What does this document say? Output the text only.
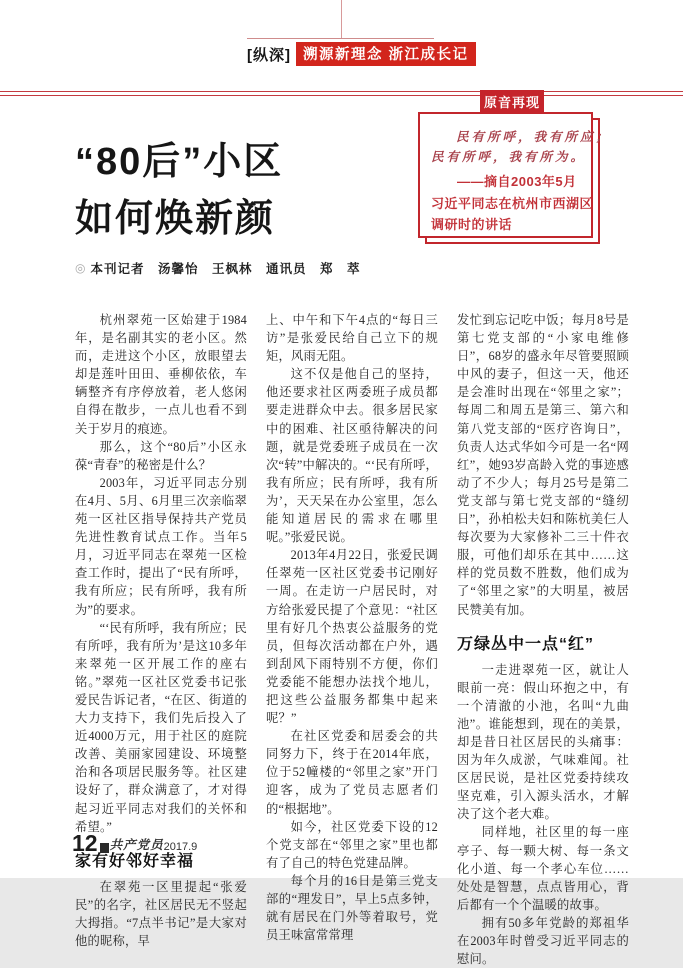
[纵深] 溯源新理念 浙江成长记
原音再现
民有所呼，我有所应；
民有所呼，我有所为。
——摘自2003年5月
习近平同志在杭州市西湖区
调研时的讲话
“80后”小区
如何焕新颜
◎ 本刊记者　汤馨怡　王枫林　通讯员　郑　萃

杭州翠苑一区始建于1984年，是名副其实的老小区。然而，走进这个小区，放眼望去却是莲叶田田、垂柳依依，车辆整齐有序停放着，老人悠闲自得在散步，一点儿也看不到关于岁月的痕迹。

那么，这个“80后”小区永葆“青春”的秘密是什么？

2003年，习近平同志分别在4月、5月、6月里三次亲临翠苑一区社区指导保持共产党员先进性教育试点工作。当年5月，习近平同志在翠苑一区检查工作时，提出了“民有所呼，我有所应；民有所呼，我有所为”的要求。

“‘民有所呼，我有所应；民有所呼，我有所为’是这10多年来翠苑一区开展工作的座右铭。”翠苑一区社区党委书记张爱民告诉记者，“在区、街道的大力支持下，我们先后投入了近4000万元，用于社区的庭院改善、美丽家园建设、环境整治和各项居民服务等。社区建设好了，群众满意了，才对得起习近平同志对我们的关怀和希望。”

家有好邻好幸福

在翠苑一区里提起“张爱民”的名字，社区居民无不竖起大拇指。“7点半书记”是大家对他的昵称，早

上、中午和下午4点的“每日三访”是张爱民给自己立下的规矩，风雨无阻。

这不仅是他自己的坚持，他还要求社区两委班子成员都要走进群众中去。很多居民家中的困难、社区亟待解决的问题，就是党委班子成员在一次次“转”中解决的。“‘民有所呼，我有所应；民有所呼，我有所为’，天天呆在办公室里，怎么能知道居民的需求在哪里呢。”张爱民说。

2013年4月22日，张爱民调任翠苑一区社区党委书记刚好一周。在走访一户居民时，对方给张爱民提了个意见：“社区里有好几个热衷公益服务的党员，但每次活动都在户外，遇到刮风下雨特别不方便，你们党委能不能想办法找个地儿，把这些公益服务都集中起来呢？”

在社区党委和居委会的共同努力下，终于在2014年底，位于52幢楼的“邻里之家”开门迎客，成为了党员志愿者们的“根据地”。

如今，社区党委下设的12个党支部在“邻里之家”里也都有了自己的特色党建品牌。

每个月的16日是第三党支部的“理发日”，早上5点多钟，就有居民在门外等着取号，党员王味富常常理

发忙到忘记吃中饭；每月8号是第七党支部的“小家电维修日”，68岁的盛永年尽管要照顾中风的妻子，但这一天，他还是会准时出现在“邻里之家”；每周二和周五是第三、第六和第八党支部的“医疗咨询日”，负责人达式华如今可是一名“网红”，她93岁高龄入党的事迹感动了不少人；每月25号是第二党支部与第七党支部的“缝纫日”，孙柏松夫妇和陈杭美仨人每次要为大家修补二三十件衣服，可他们却乐在其中……这样的党员数不胜数，他们成为了“邻里之家”的大明星，被居民赞美有加。

万绿丛中一点“红”

一走进翠苑一区，就让人眼前一亮：假山环抱之中，有一个清澈的小池，名叫“九曲池”。谁能想到，现在的美景，却是昔日社区居民的头痛事：因为年久成淤，气味难闻。社区居民说，是社区党委持续攻坚克难，引入源头活水，才解决了这个老大难。

同样地，社区里的每一座亭子、每一颗大树、每一条文化小道、每一个孝心车位……处处是智慧，点点皆用心，背后都有一个个温暖的故事。

拥有50多年党龄的郑祖华在2003年时曾受习近平同志的慰问。

12 共产党员 2017.9
